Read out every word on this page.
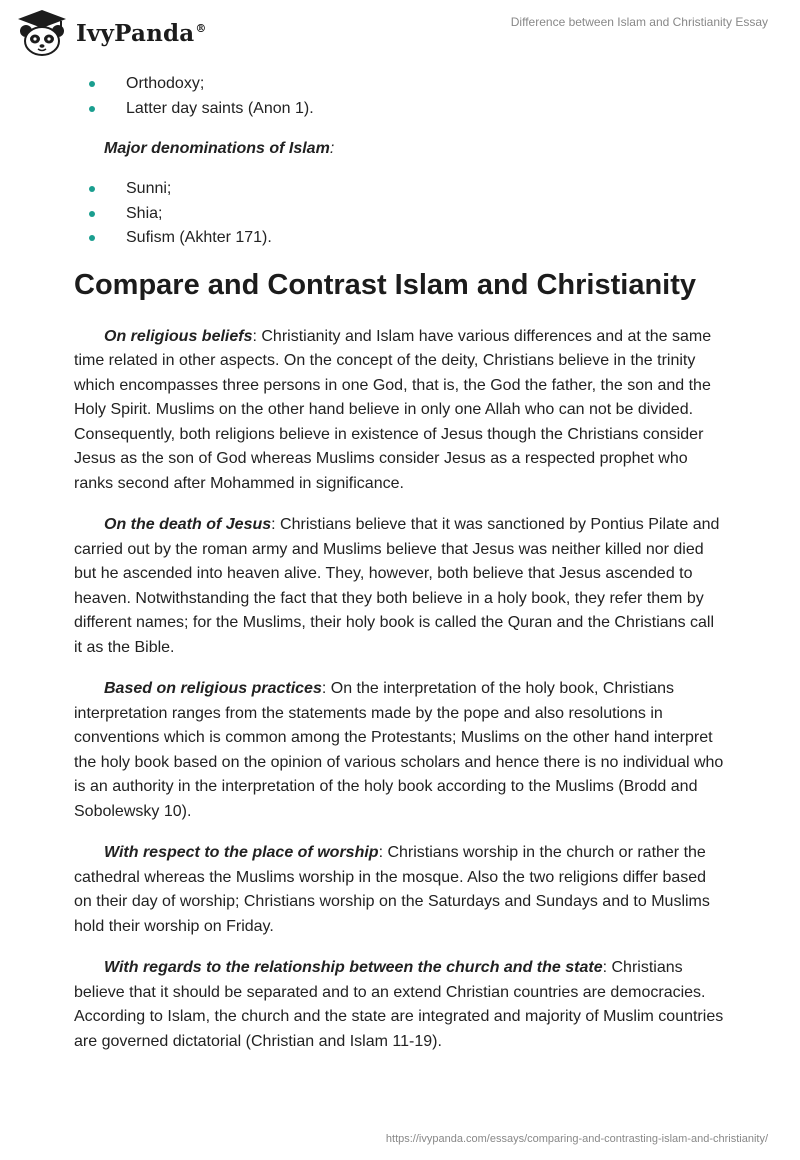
IvyPanda®	Difference between Islam and Christianity Essay
Orthodoxy;
Latter day saints (Anon 1).
Major denominations of Islam:
Sunni;
Shia;
Sufism (Akhter 171).
Compare and Contrast Islam and Christianity

On religious beliefs: Christianity and Islam have various differences and at the same time related in other aspects. On the concept of the deity, Christians believe in the trinity which encompasses three persons in one God, that is, the God the father, the son and the Holy Spirit. Muslims on the other hand believe in only one Allah who can not be divided. Consequently, both religions believe in existence of Jesus though the Christians consider Jesus as the son of God whereas Muslims consider Jesus as a respected prophet who ranks second after Mohammed in significance.

On the death of Jesus: Christians believe that it was sanctioned by Pontius Pilate and carried out by the roman army and Muslims believe that Jesus was neither killed nor died but he ascended into heaven alive. They, however, both believe that Jesus ascended to heaven. Notwithstanding the fact that they both believe in a holy book, they refer them by different names; for the Muslims, their holy book is called the Quran and the Christians call it as the Bible.

Based on religious practices: On the interpretation of the holy book, Christians interpretation ranges from the statements made by the pope and also resolutions in conventions which is common among the Protestants; Muslims on the other hand interpret the holy book based on the opinion of various scholars and hence there is no individual who is an authority in the interpretation of the holy book according to the Muslims (Brodd and Sobolewsky 10).

With respect to the place of worship: Christians worship in the church or rather the cathedral whereas the Muslims worship in the mosque. Also the two religions differ based on their day of worship; Christians worship on the Saturdays and Sundays and to Muslims hold their worship on Friday.

With regards to the relationship between the church and the state: Christians believe that it should be separated and to an extend Christian countries are democracies. According to Islam, the church and the state are integrated and majority of Muslim countries are governed dictatorial (Christian and Islam 11-19).

https://ivypanda.com/essays/comparing-and-contrasting-islam-and-christianity/
